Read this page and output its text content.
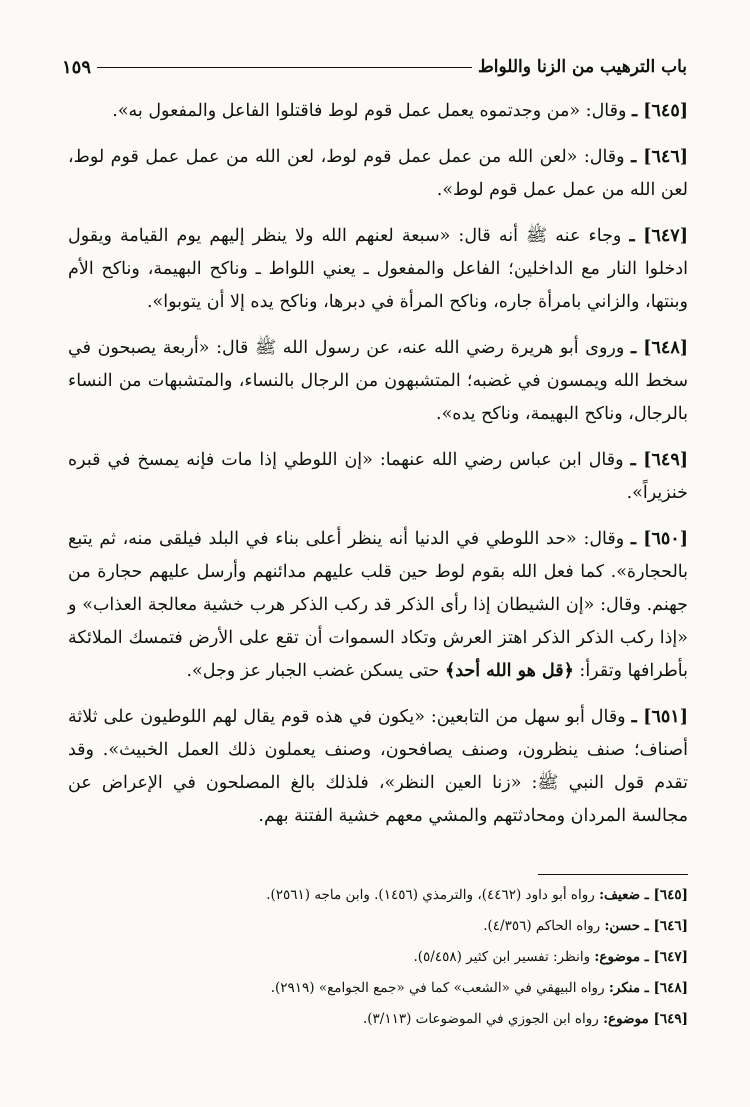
باب الترهيب من الزنا واللواط
١٥٩

[٦٤٥] ـ وقال: «من وجدتموه يعمل عمل قوم لوط فاقتلوا الفاعل والمفعول به».

[٦٤٦] ـ وقال: «لعن الله من عمل عمل قوم لوط، لعن الله من عمل عمل قوم لوط، لعن الله من عمل عمل قوم لوط».

[٦٤٧] ـ وجاء عنه ﷺ أنه قال: «سبعة لعنهم الله ولا ينظر إليهم يوم القيامة ويقول ادخلوا النار مع الداخلين؛ الفاعل والمفعول ـ يعني اللواط ـ وناكح البهيمة، وناكح الأم وبنتها، والزاني بامرأة جاره، وناكح المرأة في دبرها، وناكح يده إلا أن يتوبوا».

[٦٤٨] ـ وروى أبو هريرة رضي الله عنه، عن رسول الله ﷺ قال: «أربعة يصبحون في سخط الله ويمسون في غضبه؛ المتشبهون من الرجال بالنساء، والمتشبهات من النساء بالرجال، وناكح البهيمة، وناكح يده».

[٦٤٩] ـ وقال ابن عباس رضي الله عنهما: «إن اللوطي إذا مات فإنه يمسخ في قبره خنزيراً».

[٦٥٠] ـ وقال: «حد اللوطي في الدنيا أنه ينظر أعلى بناء في البلد فيلقى منه، ثم يتبع بالحجارة». كما فعل الله بقوم لوط حين قلب عليهم مدائنهم وأرسل عليهم حجارة من جهنم. وقال: «إن الشيطان إذا رأى الذكر قد ركب الذكر هرب خشية معالجة العذاب» و «إذا ركب الذكر الذكر اهتز العرش وتكاد السموات أن تقع على الأرض فتمسك الملائكة بأطرافها وتقرأ: ﴿قل هو الله أحد﴾ حتى يسكن غضب الجبار عز وجل».

[٦٥١] ـ وقال أبو سهل من التابعين: «يكون في هذه قوم يقال لهم اللوطيون على ثلاثة أصناف؛ صنف ينظرون، وصنف يصافحون، وصنف يعملون ذلك العمل الخبيث». وقد تقدم قول النبي ﷺ: «زنا العين النظر»، فلذلك بالغ المصلحون في الإعراض عن مجالسة المردان ومحادثتهم والمشي معهم خشية الفتنة بهم.

[٦٤٥] ـ ضعيف: رواه أبو داود (٤٤٦٢)، والترمذي (١٤٥٦). وابن ماجه (٢٥٦١).

[٦٤٦] ـ حسن: رواه الحاكم (٤/٣٥٦).

[٦٤٧] ـ موضوع: وانظر: تفسير ابن كثير (٥/٤٥٨).

[٦٤٨] ـ منكر: رواه البيهقي في «الشعب» كما في «جمع الجوامع» (٢٩١٩).

[٦٤٩] موضوع: رواه ابن الجوزي في الموضوعات (٣/١١٣).
